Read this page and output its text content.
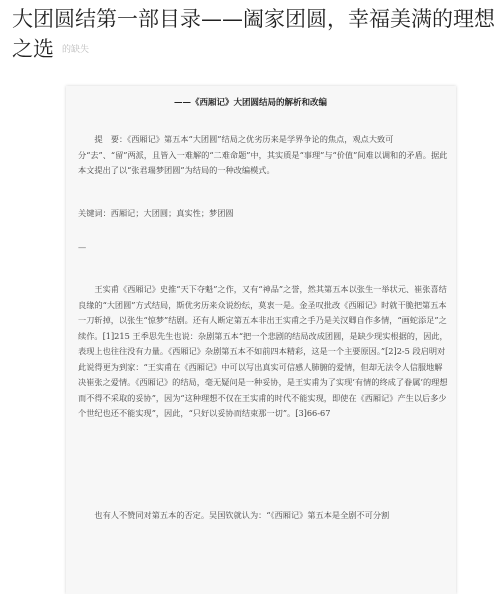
大团圆结第一部目录——阖家团圆，幸福美满的理想之选 的缺失
——《西厢记》大团圆结局的解析和改编
提　要：《西厢记》第五本“大团圆”结局之优劣历来是学界争论的焦点，观点大致可分“去”、“留”两派，且皆入一难解的“二难命题”中，其实质是“事理”与“价值”间难以调和的矛盾。据此本文提出了以“张君瑞梦团圆”为结局的一种改编模式。
关键词：西厢记；大团圆；真实性；梦团圆
—
王实甫《西厢记》史推“天下夺魁”之作，又有“神品”之誉，然其第五本以张生一举状元、崔张喜结良缘的“大团圆”方式结局，斯优劣历来众说纷纭，莫衷一是。金圣叹批改《西厢记》时就干脆把第五本一刀斩掉，以张生“惊梦”结剧。还有人断定第五本非出王实甫之手乃是关汉卿自作多情，“画蛇添足”之续作。[1]215 王季思先生也说：杂剧第五本“把一个悲剧的结局改成团圆，是缺少现实根据的，因此，表现上也往往没有力量。《西厢记》杂剧第五本不如前四本精彩，这是一个主要原因。”[2]2-5 段启明对此说得更为到家：“王实甫在《西厢记》中可以写出真实可信感人肺腑的爱情，但却无法令人信服地解决崔张之爱情。《西厢记》的结局，毫无疑问是一种妥协，是王实甫为了实现‘有情的终成了眷属’的理想而不得不采取的妥协”，因为“这种理想不仅在王实甫的时代不能实现，即使在《西厢记》产生以后多少个世纪也还不能实现”，因此，“只好以妥协而结束那一切”。[3]66-67
也有人不赞同对第五本的否定。吴国钦就认为：“《西厢记》第五本是全剧不可分割
